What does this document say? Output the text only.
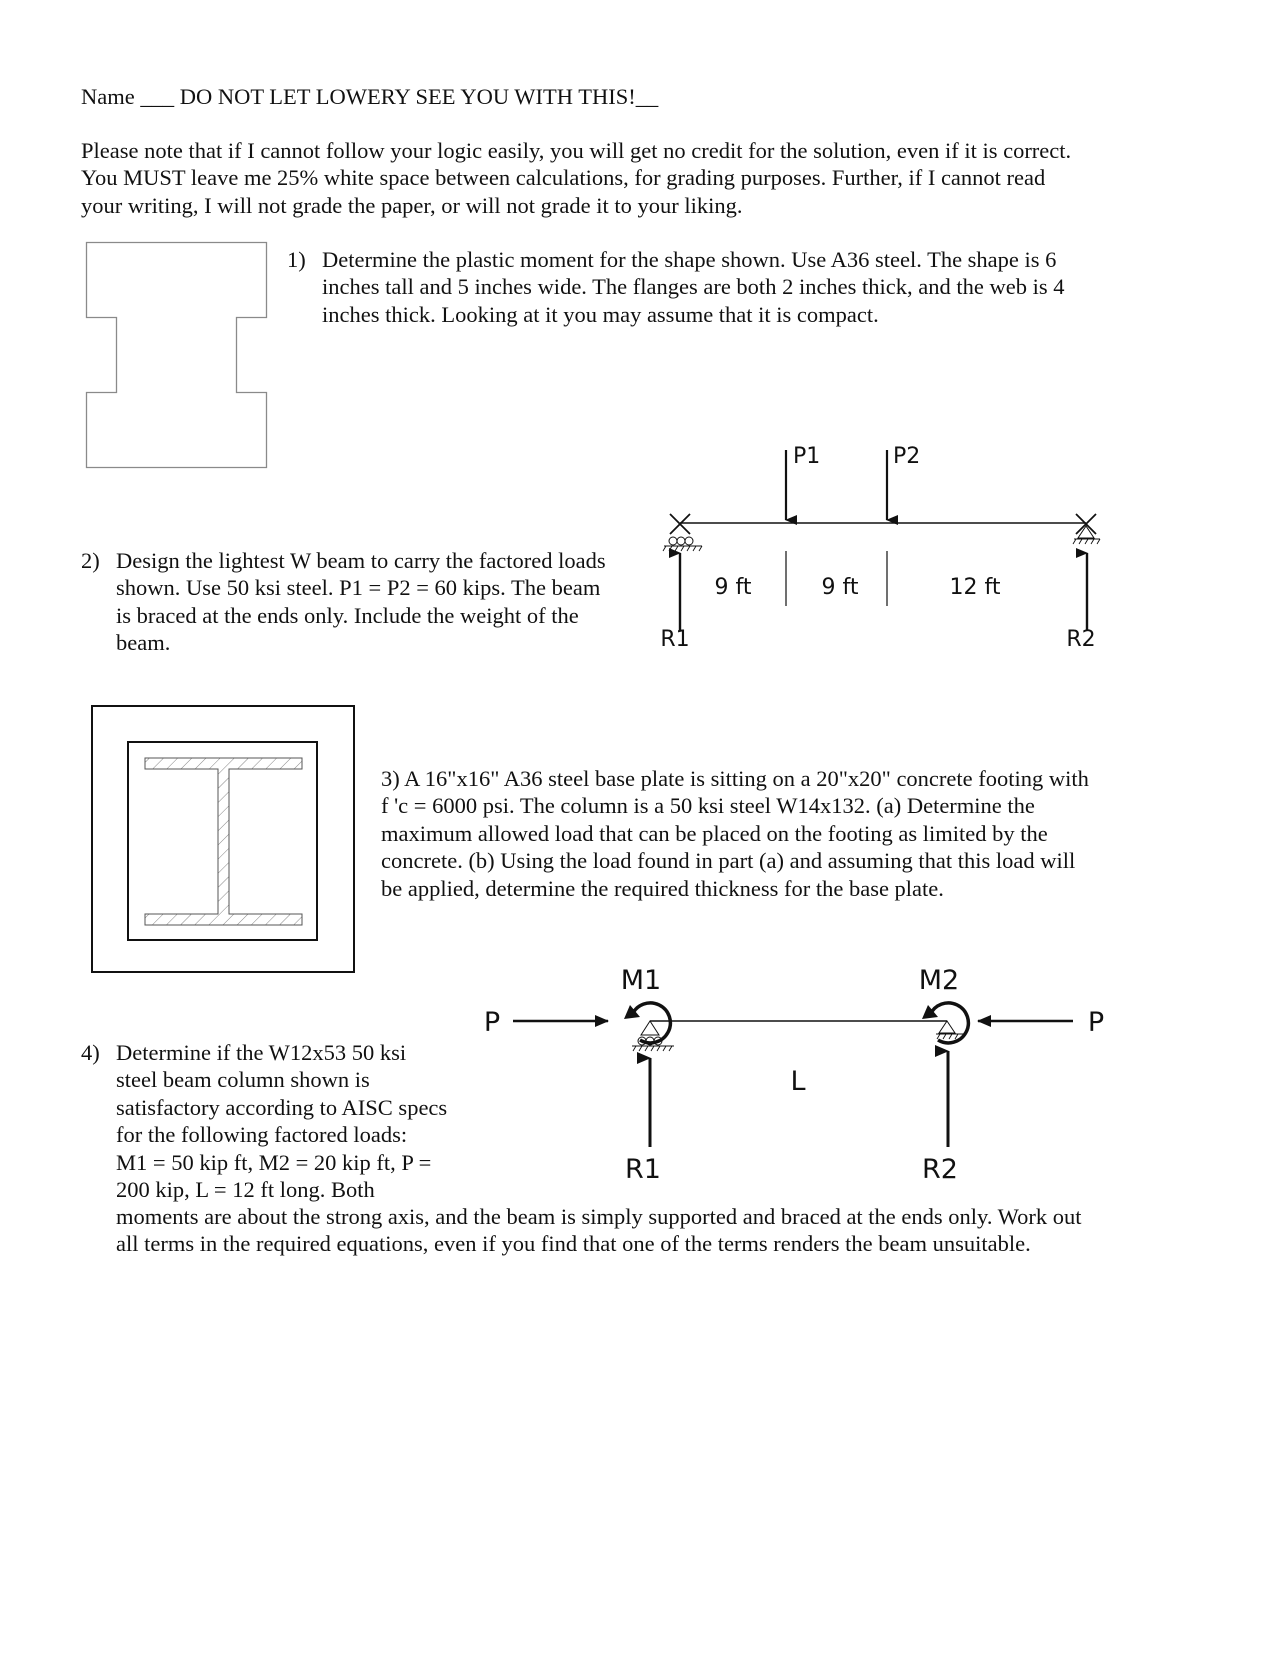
Name ___ DO NOT LET LOWERY SEE YOU WITH THIS!__
Please note that if I cannot follow your logic easily, you will get no credit for the solution, even if it is correct.
You MUST leave me 25% white space between calculations, for grading purposes. Further, if I cannot read
your writing, I will not grade the paper, or will not grade it to your liking.
1) Determine the plastic moment for the shape shown. Use A36 steel. The shape is 6
inches tall and 5 inches wide. The flanges are both 2 inches thick, and the web is 4
inches thick. Looking at it you may assume that it is compact.
2) Design the lightest W beam to carry the factored loads
shown. Use 50 ksi steel. P1 = P2 = 60 kips. The beam
is braced at the ends only. Include the weight of the
beam.
P1	P2
9 ft	9 ft	12 ft
R1	R2
3) A 16"x16" A36 steel base plate is sitting on a 20"x20" concrete footing with
f 'c = 6000 psi. The column is a 50 ksi steel W14x132. (a) Determine the
maximum allowed load that can be placed on the footing as limited by the
concrete. (b) Using the load found in part (a) and assuming that this load will
be applied, determine the required thickness for the base plate.
M1	M2
P	P
L
R1	R2
4) Determine if the W12x53 50 ksi
steel beam column shown is
satisfactory according to AISC specs
for the following factored loads:
M1 = 50 kip ft, M2 = 20 kip ft, P =
200 kip, L = 12 ft long. Both
moments are about the strong axis, and the beam is simply supported and braced at the ends only. Work out
all terms in the required equations, even if you find that one of the terms renders the beam unsuitable.
